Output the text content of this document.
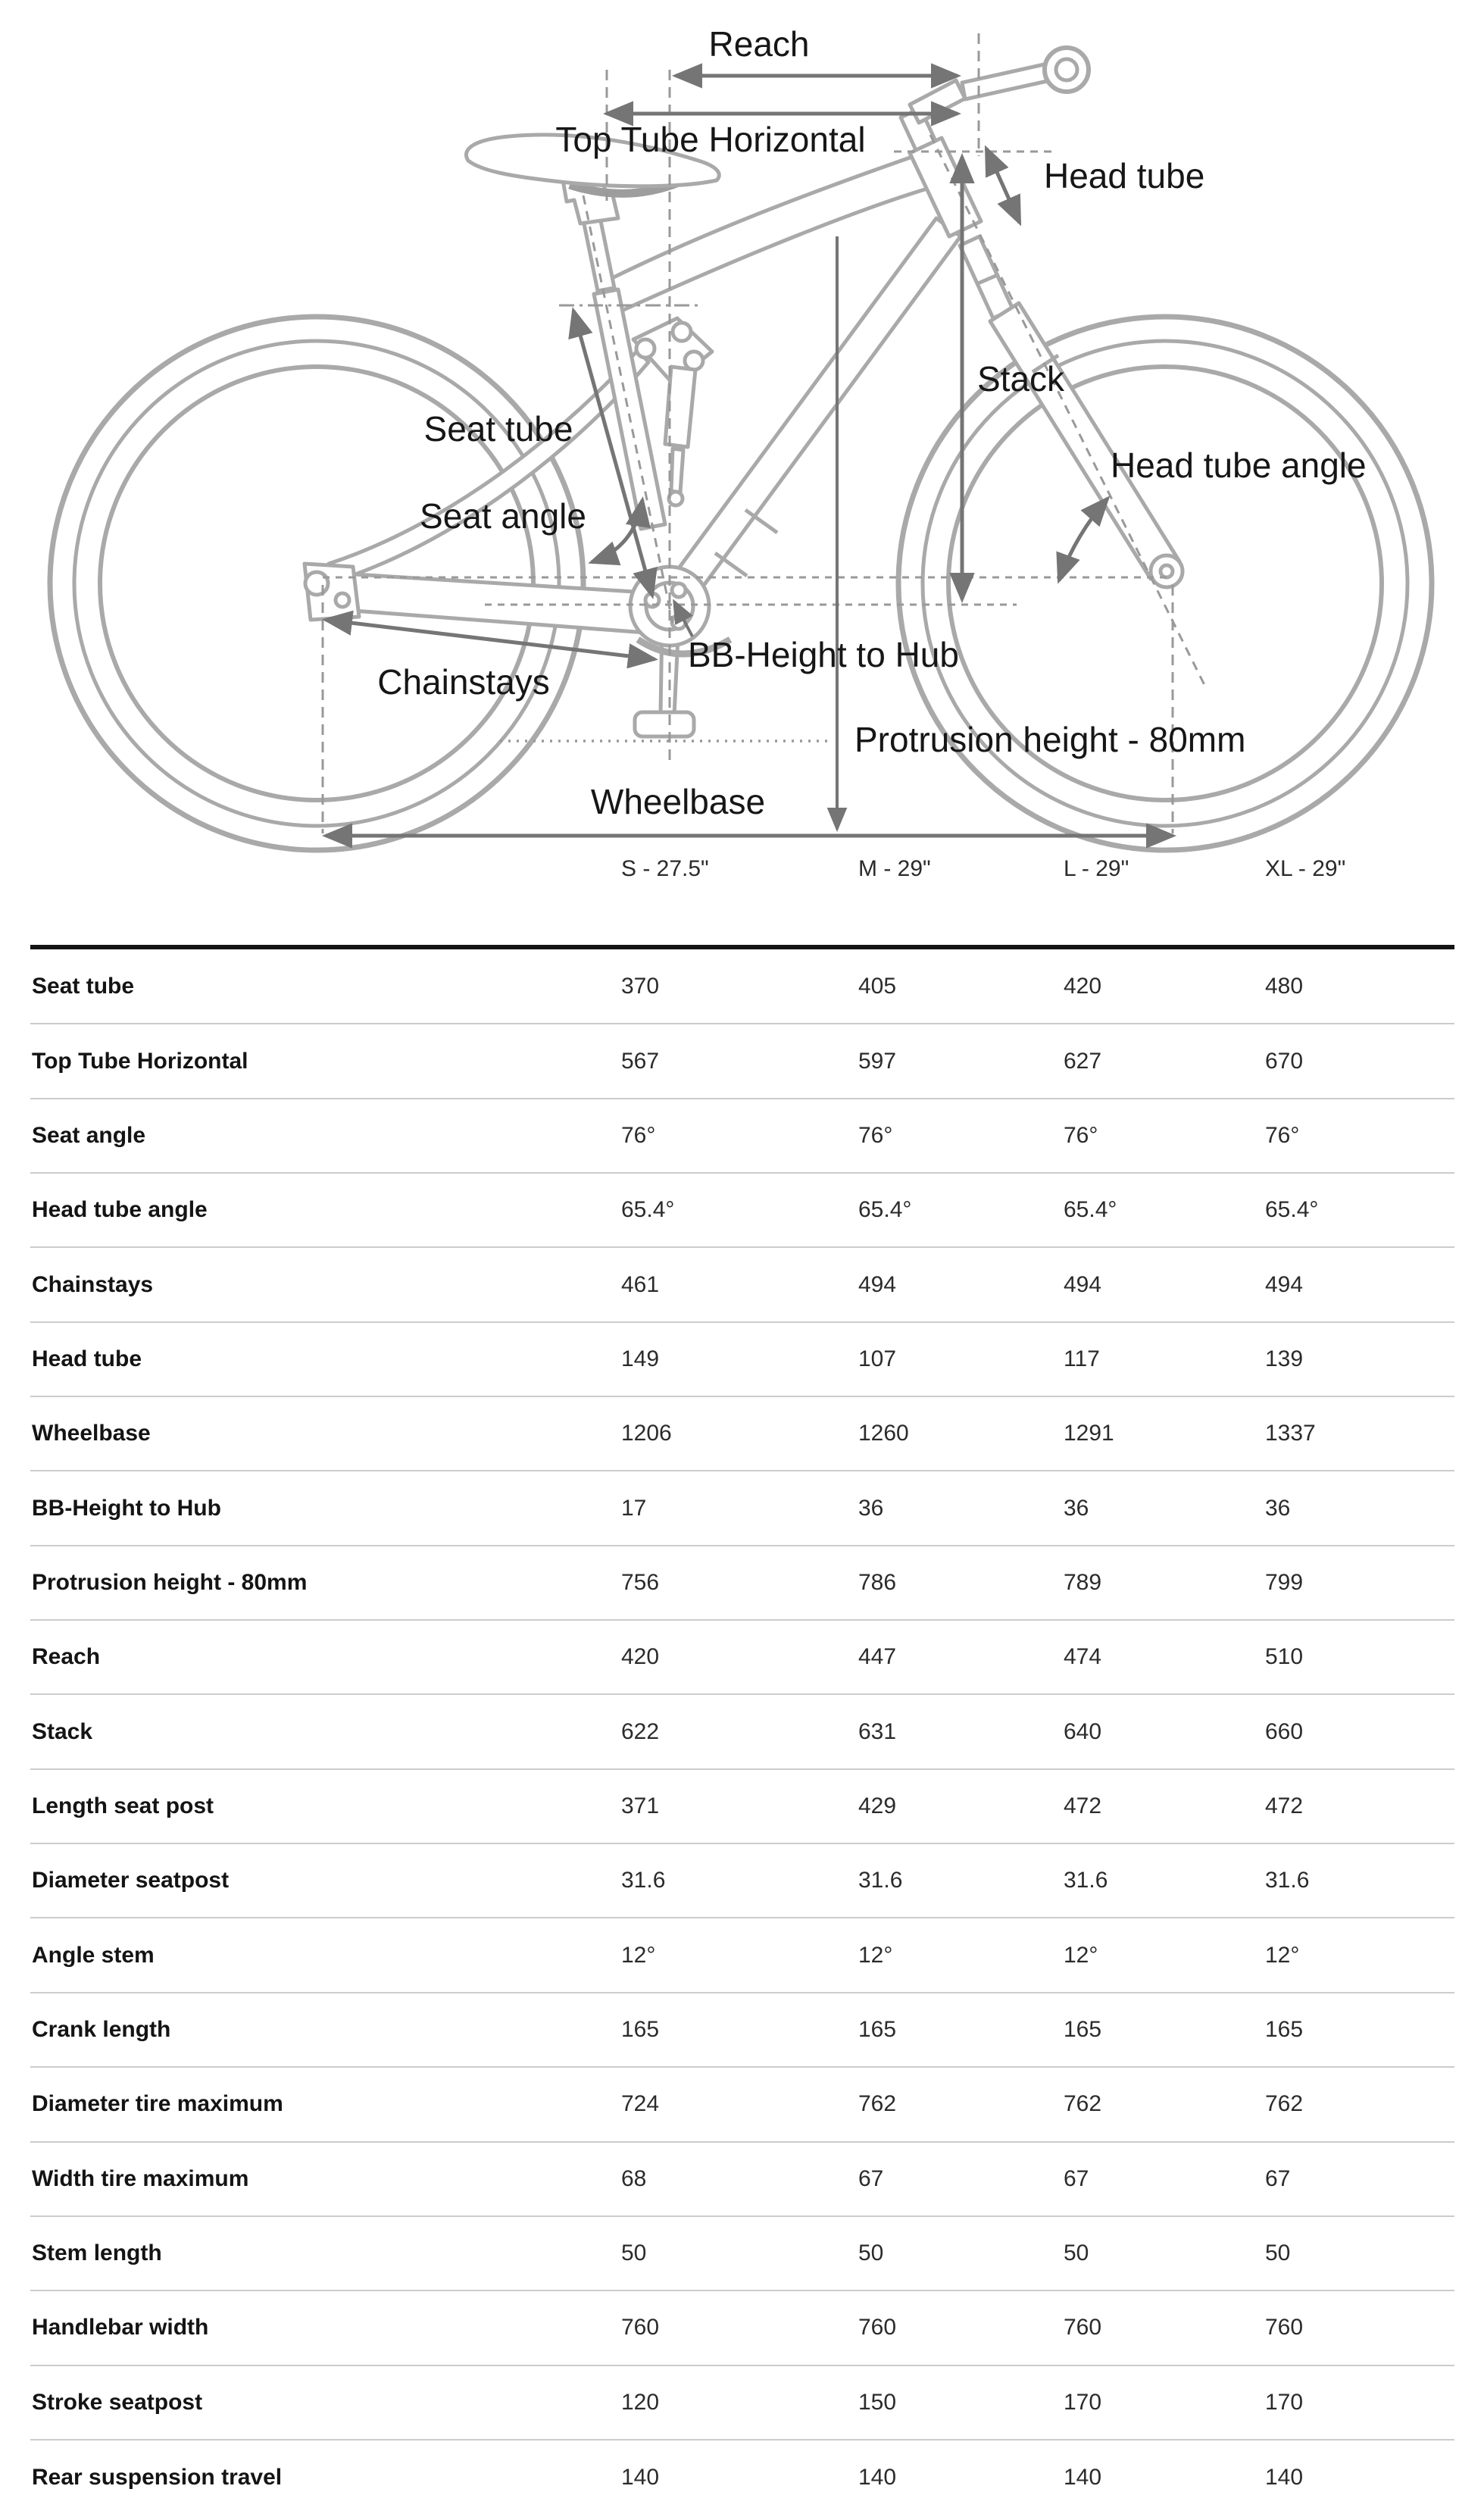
Reach
Top Tube Horizontal
Head tube
Stack
Seat tube
Seat angle
Head tube angle
Chainstays
BB-Height to Hub
Protrusion height - 80mm
Wheelbase
	S - 27.5"	M - 29"	L - 29"	XL - 29"
Seat tube	370	405	420	480
Top Tube Horizontal	567	597	627	670
Seat angle	76°	76°	76°	76°
Head tube angle	65.4°	65.4°	65.4°	65.4°
Chainstays	461	494	494	494
Head tube	149	107	117	139
Wheelbase	1206	1260	1291	1337
BB-Height to Hub	17	36	36	36
Protrusion height - 80mm	756	786	789	799
Reach	420	447	474	510
Stack	622	631	640	660
Length seat post	371	429	472	472
Diameter seatpost	31.6	31.6	31.6	31.6
Angle stem	12°	12°	12°	12°
Crank length	165	165	165	165
Diameter tire maximum	724	762	762	762
Width tire maximum	68	67	67	67
Stem length	50	50	50	50
Handlebar width	760	760	760	760
Stroke seatpost	120	150	170	170
Rear suspension travel	140	140	140	140
